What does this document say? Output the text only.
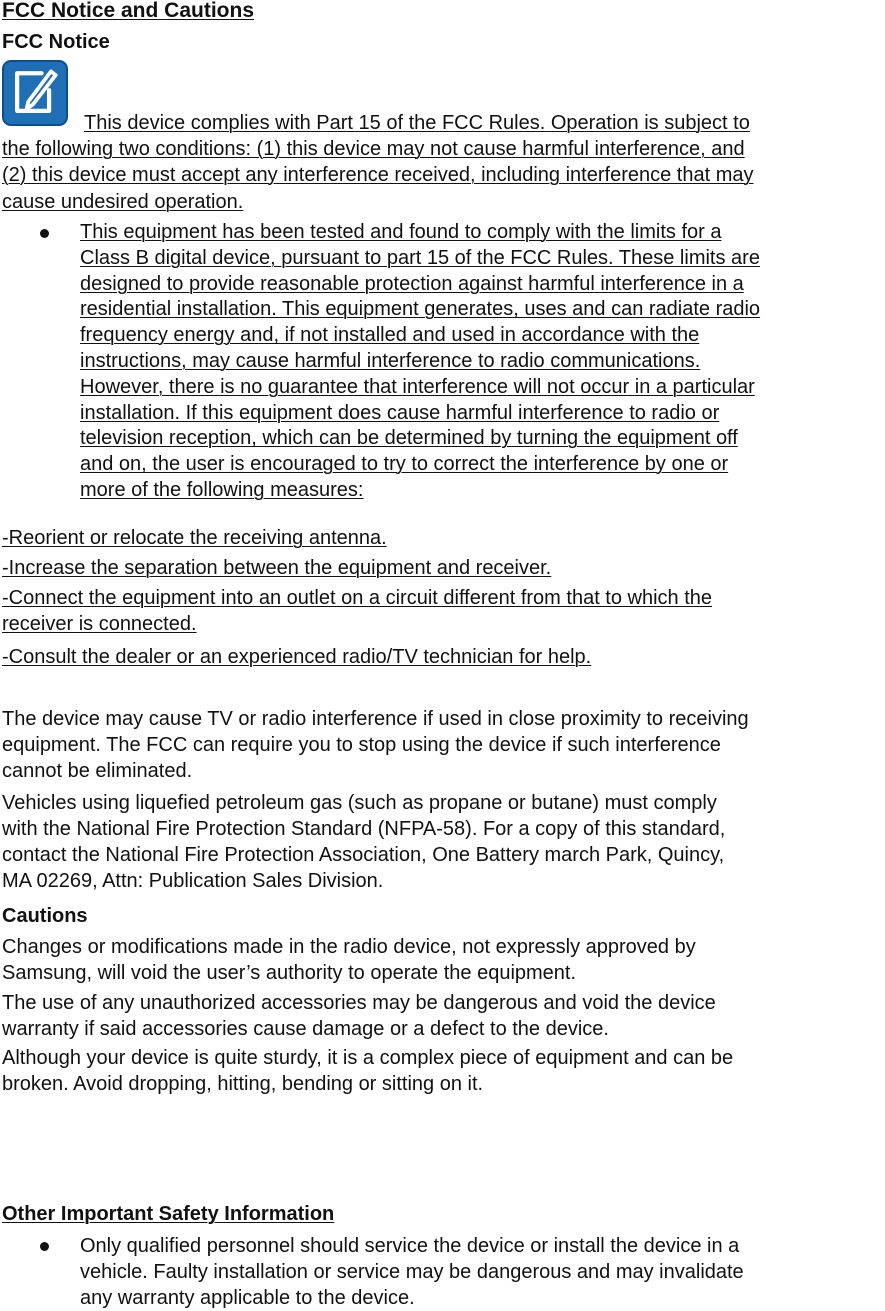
FCC Notice and Cautions
FCC Notice
This device complies with Part 15 of the FCC Rules. Operation is subject to
the following two conditions: (1) this device may not cause harmful interference, and
(2) this device must accept any interference received, including interference that may
cause undesired operation.
This equipment has been tested and found to comply with the limits for a
Class B digital device, pursuant to part 15 of the FCC Rules. These limits are
designed to provide reasonable protection against harmful interference in a
residential installation. This equipment generates, uses and can radiate radio
frequency energy and, if not installed and used in accordance with the
instructions, may cause harmful interference to radio communications.
However, there is no guarantee that interference will not occur in a particular
installation. If this equipment does cause harmful interference to radio or
television reception, which can be determined by turning the equipment off
and on, the user is encouraged to try to correct the interference by one or
more of the following measures:
-Reorient or relocate the receiving antenna.
-Increase the separation between the equipment and receiver.
-Connect the equipment into an outlet on a circuit different from that to which the
receiver is connected.
-Consult the dealer or an experienced radio/TV technician for help.
The device may cause TV or radio interference if used in close proximity to receiving
equipment. The FCC can require you to stop using the device if such interference
cannot be eliminated.
Vehicles using liquefied petroleum gas (such as propane or butane) must comply
with the National Fire Protection Standard (NFPA-58). For a copy of this standard,
contact the National Fire Protection Association, One Battery march Park, Quincy,
MA 02269, Attn: Publication Sales Division.
Cautions
Changes or modifications made in the radio device, not expressly approved by
Samsung, will void the user’s authority to operate the equipment.
The use of any unauthorized accessories may be dangerous and void the device
warranty if said accessories cause damage or a defect to the device.
Although your device is quite sturdy, it is a complex piece of equipment and can be
broken. Avoid dropping, hitting, bending or sitting on it.
Other Important Safety Information
Only qualified personnel should service the device or install the device in a
vehicle. Faulty installation or service may be dangerous and may invalidate
any warranty applicable to the device.
